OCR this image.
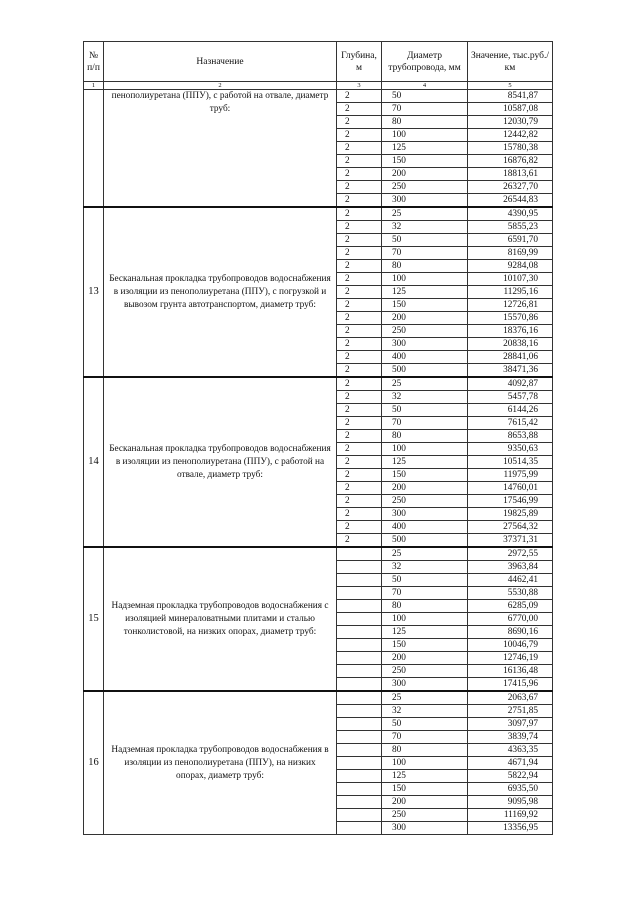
№ п/п	Назначение	Глубина, м	Диаметр трубопровода, мм	Значение, тыс.руб./км
1	2	3	4	5
	пенополиуретана (ППУ), с работой на отвале, диаметр труб:	2	50	8541,87
		2	70	10587,08
		2	80	12030,79
		2	100	12442,82
		2	125	15780,38
		2	150	16876,82
		2	200	18813,61
		2	250	26327,70
		2	300	26544,83
13	Бесканальная прокладка трубопроводов водоснабжения в изоляции из пенополиуретана (ППУ), с погрузкой и вывозом грунта автотранспортом, диаметр труб:	2	25	4390,95
		2	32	5855,23
		2	50	6591,70
		2	70	8169,99
		2	80	9284,08
		2	100	10107,30
		2	125	11295,16
		2	150	12726,81
		2	200	15570,86
		2	250	18376,16
		2	300	20838,16
		2	400	28841,06
		2	500	38471,36
14	Бесканальная прокладка трубопроводов водоснабжения в изоляции из пенополиуретана (ППУ), с работой на отвале, диаметр труб:	2	25	4092,87
		2	32	5457,78
		2	50	6144,26
		2	70	7615,42
		2	80	8653,88
		2	100	9350,63
		2	125	10514,35
		2	150	11975,99
		2	200	14760,01
		2	250	17546,99
		2	300	19825,89
		2	400	27564,32
		2	500	37371,31
15	Надземная прокладка трубопроводов водоснабжения с изоляцией минераловатными плитами и сталью тонколистовой, на низких опорах, диаметр труб:		25	2972,55
			32	3963,84
			50	4462,41
			70	5530,88
			80	6285,09
			100	6770,00
			125	8690,16
			150	10046,79
			200	12746,19
			250	16136,48
			300	17415,96
16	Надземная прокладка трубопроводов водоснабжения в изоляции из пенополиуретана (ППУ), на низких опорах, диаметр труб:		25	2063,67
			32	2751,85
			50	3097,97
			70	3839,74
			80	4363,35
			100	4671,94
			125	5822,94
			150	6935,50
			200	9095,98
			250	11169,92
			300	13356,95
